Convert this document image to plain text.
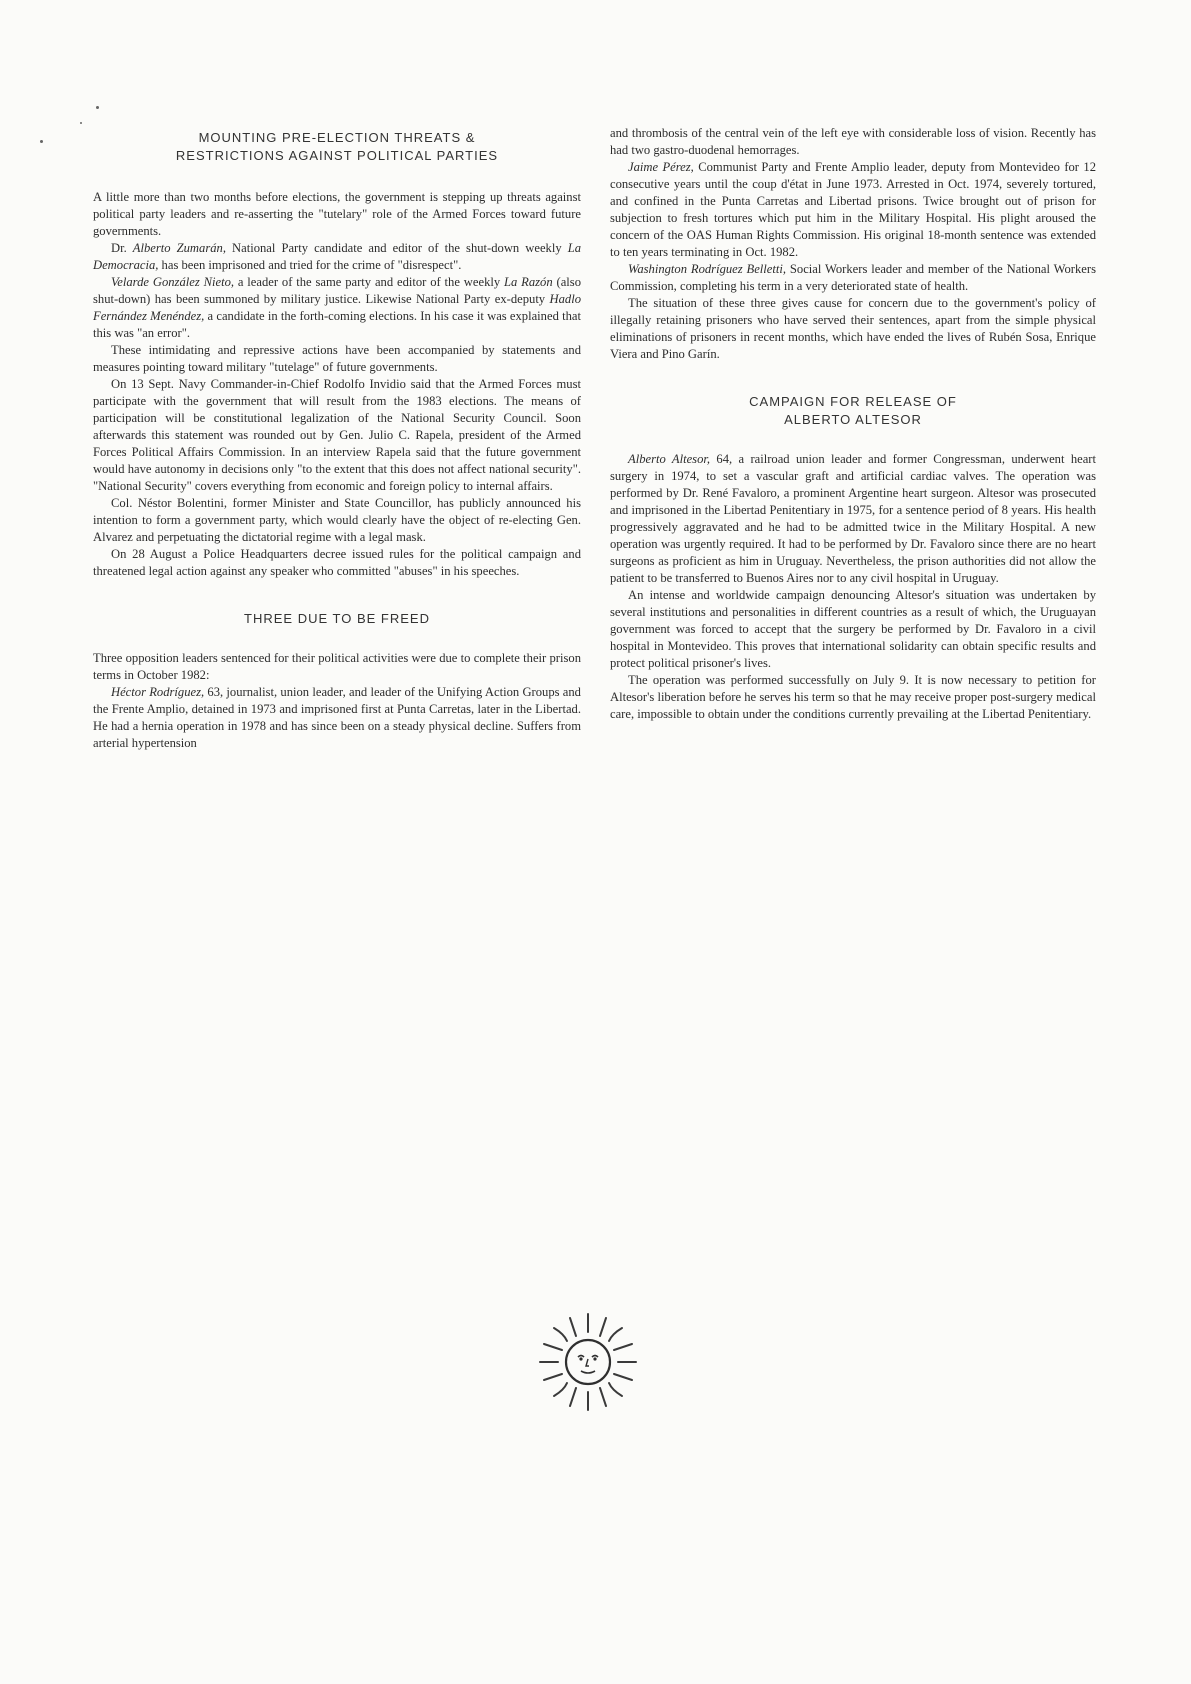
MOUNTING PRE-ELECTION THREATS &
RESTRICTIONS AGAINST POLITICAL PARTIES

A little more than two months before elections, the government is stepping up threats against political party leaders and re-asserting the "tutelary" role of the Armed Forces toward future governments.

Dr. Alberto Zumarán, National Party candidate and editor of the shut-down weekly La Democracia, has been imprisoned and tried for the crime of "disrespect".

Velarde González Nieto, a leader of the same party and editor of the weekly La Razón (also shut-down) has been summoned by military justice. Likewise National Party ex-deputy Hadlo Fernández Menéndez, a candidate in the forth-coming elections. In his case it was explained that this was "an error".

These intimidating and repressive actions have been accompanied by statements and measures pointing toward military "tutelage" of future governments.

On 13 Sept. Navy Commander-in-Chief Rodolfo Invidio said that the Armed Forces must participate with the government that will result from the 1983 elections. The means of participation will be constitutional legalization of the National Security Council. Soon afterwards this statement was rounded out by Gen. Julio C. Rapela, president of the Armed Forces Political Affairs Commission. In an interview Rapela said that the future government would have autonomy in decisions only "to the extent that this does not affect national security". "National Security" covers everything from economic and foreign policy to internal affairs.

Col. Néstor Bolentini, former Minister and State Councillor, has publicly announced his intention to form a government party, which would clearly have the object of re-electing Gen. Alvarez and perpetuating the dictatorial regime with a legal mask.

On 28 August a Police Headquarters decree issued rules for the political campaign and threatened legal action against any speaker who committed "abuses" in his speeches.

THREE DUE TO BE FREED

Three opposition leaders sentenced for their political activities were due to complete their prison terms in October 1982:

Héctor Rodríguez, 63, journalist, union leader, and leader of the Unifying Action Groups and the Frente Amplio, detained in 1973 and imprisoned first at Punta Carretas, later in the Libertad. He had a hernia operation in 1978 and has since been on a steady physical decline. Suffers from arterial hypertension

and thrombosis of the central vein of the left eye with considerable loss of vision. Recently has had two gastro-duodenal hemorrages.

Jaime Pérez, Communist Party and Frente Amplio leader, deputy from Montevideo for 12 consecutive years until the coup d'état in June 1973. Arrested in Oct. 1974, severely tortured, and confined in the Punta Carretas and Libertad prisons. Twice brought out of prison for subjection to fresh tortures which put him in the Military Hospital. His plight aroused the concern of the OAS Human Rights Commission. His original 18-month sentence was extended to ten years terminating in Oct. 1982.

Washington Rodríguez Belletti, Social Workers leader and member of the National Workers Commission, completing his term in a very deteriorated state of health.

The situation of these three gives cause for concern due to the government's policy of illegally retaining prisoners who have served their sentences, apart from the simple physical eliminations of prisoners in recent months, which have ended the lives of Rubén Sosa, Enrique Viera and Pino Garín.

CAMPAIGN FOR RELEASE OF
ALBERTO ALTESOR

Alberto Altesor, 64, a railroad union leader and former Congressman, underwent heart surgery in 1974, to set a vascular graft and artificial cardiac valves. The operation was performed by Dr. René Favaloro, a prominent Argentine heart surgeon. Altesor was prosecuted and imprisoned in the Libertad Penitentiary in 1975, for a sentence period of 8 years. His health progressively aggravated and he had to be admitted twice in the Military Hospital. A new operation was urgently required. It had to be performed by Dr. Favaloro since there are no heart surgeons as proficient as him in Uruguay. Nevertheless, the prison authorities did not allow the patient to be transferred to Buenos Aires nor to any civil hospital in Uruguay.

An intense and worldwide campaign denouncing Altesor's situation was undertaken by several institutions and personalities in different countries as a result of which, the Uruguayan government was forced to accept that the surgery be performed by Dr. Favaloro in a civil hospital in Montevideo. This proves that international solidarity can obtain specific results and protect political prisoner's lives.

The operation was performed successfully on July 9. It is now necessary to petition for Altesor's liberation before he serves his term so that he may receive proper post-surgery medical care, impossible to obtain under the conditions currently prevailing at the Libertad Penitentiary.
